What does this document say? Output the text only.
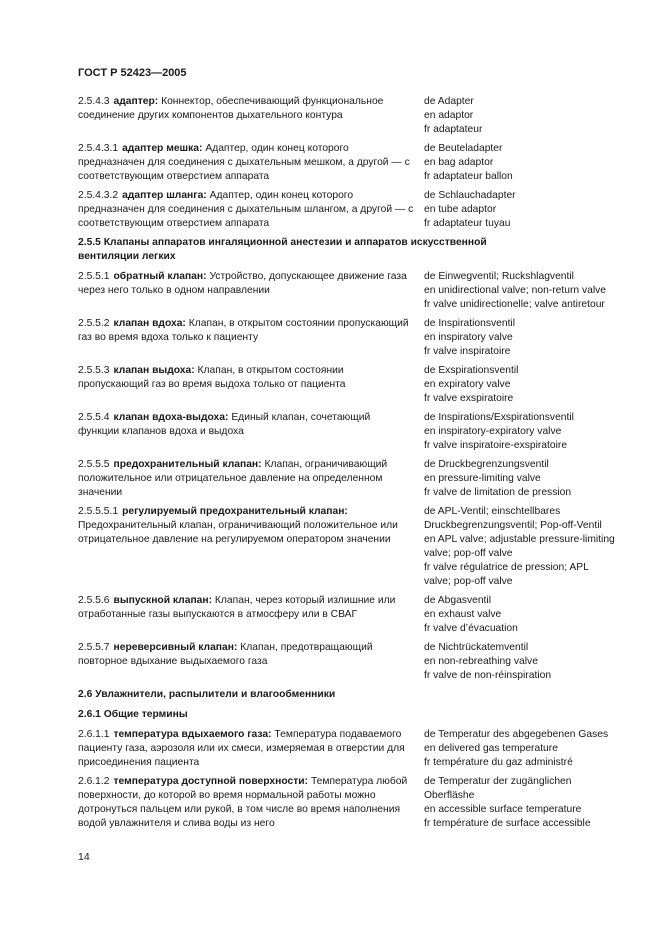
ГОСТ Р 52423—2005
2.5.4.3 адаптер: Коннектор, обеспечивающий функциональное соединение других компонентов дыхательного контура
de Adapter
en adaptor
fr adaptateur
2.5.4.3.1 адаптер мешка: Адаптер, один конец которого предназначен для соединения с дыхательным мешком, а другой — с соответствующим отверстием аппарата
de Beuteladapter
en bag adaptor
fr adaptateur ballon
2.5.4.3.2 адаптер шланга: Адаптер, один конец которого предназначен для соединения с дыхательным шлангом, а другой — с соответствующим отверстием аппарата
de Schlauchadapter
en tube adaptor
fr adaptateur tuyau
2.5.5 Клапаны аппаратов ингаляционной анестезии и аппаратов искусственной вентиляции легких
2.5.5.1 обратный клапан: Устройство, допускающее движение газа через него только в одном направлении
de Einwegventil; Ruckshlagventil
en unidirectional valve; non-return valve
fr valve unidirectionelle; valve antiretour
2.5.5.2 клапан вдоха: Клапан, в открытом состоянии пропускающий газ во время вдоха только к пациенту
de Inspirationsventil
en inspiratory valve
fr valve inspiratoire
2.5.5.3 клапан выдоха: Клапан, в открытом состоянии пропускающий газ во время выдоха только от пациента
de Exspirationsventil
en expiratory valve
fr valve exspiratoire
2.5.5.4 клапан вдоха-выдоха: Единый клапан, сочетающий функции клапанов вдоха и выдоха
de Inspirations/Exspirationsventil
en inspiratory-expiratory valve
fr valve inspiratoire-exspiratoire
2.5.5.5 предохранительный клапан: Клапан, ограничивающий положительное или отрицательное давление на определенном значении
de Druckbegrenzungsventil
en pressure-limiting valve
fr valve de limitation de pression
2.5.5.5.1 регулируемый предохранительный клапан: Предохранительный клапан, ограничивающий положительное или отрицательное давление на регулируемом оператором значении
de APL-Ventil; einschtellbares Druckbegrenzungsventil; Pop-off-Ventil
en APL valve; adjustable pressure-limiting valve; pop-off valve
fr valve régulatrice de pression; APL valve; pop-off valve
2.5.5.6 выпускной клапан: Клапан, через который излишние или отработанные газы выпускаются в атмосферу или в СВАГ
de Abgasventil
en exhaust valve
fr valve d’évacuation
2.5.5.7 нереверсивный клапан: Клапан, предотвращающий повторное вдыхание выдыхаемого газа
de Nichtrückatemventil
en non-rebreathing valve
fr valve de non-réinspiration
2.6 Увлажнители, распылители и влагообменники
2.6.1 Общие термины
2.6.1.1 температура вдыхаемого газа: Температура подаваемого пациенту газа, аэрозоля или их смеси, измеряемая в отверстии для присоединения пациента
de Temperatur des abgegebenen Gases
en delivered gas temperature
fr température du gaz administré
2.6.1.2 температура доступной поверхности: Температура любой поверхности, до которой во время нормальной работы можно дотронуться пальцем или рукой, в том числе во время наполнения водой увлажнителя и слива воды из него
de Temperatur der zugänglichen Oberfläshe
en accessible surface temperature
fr température de surface accessible
14
